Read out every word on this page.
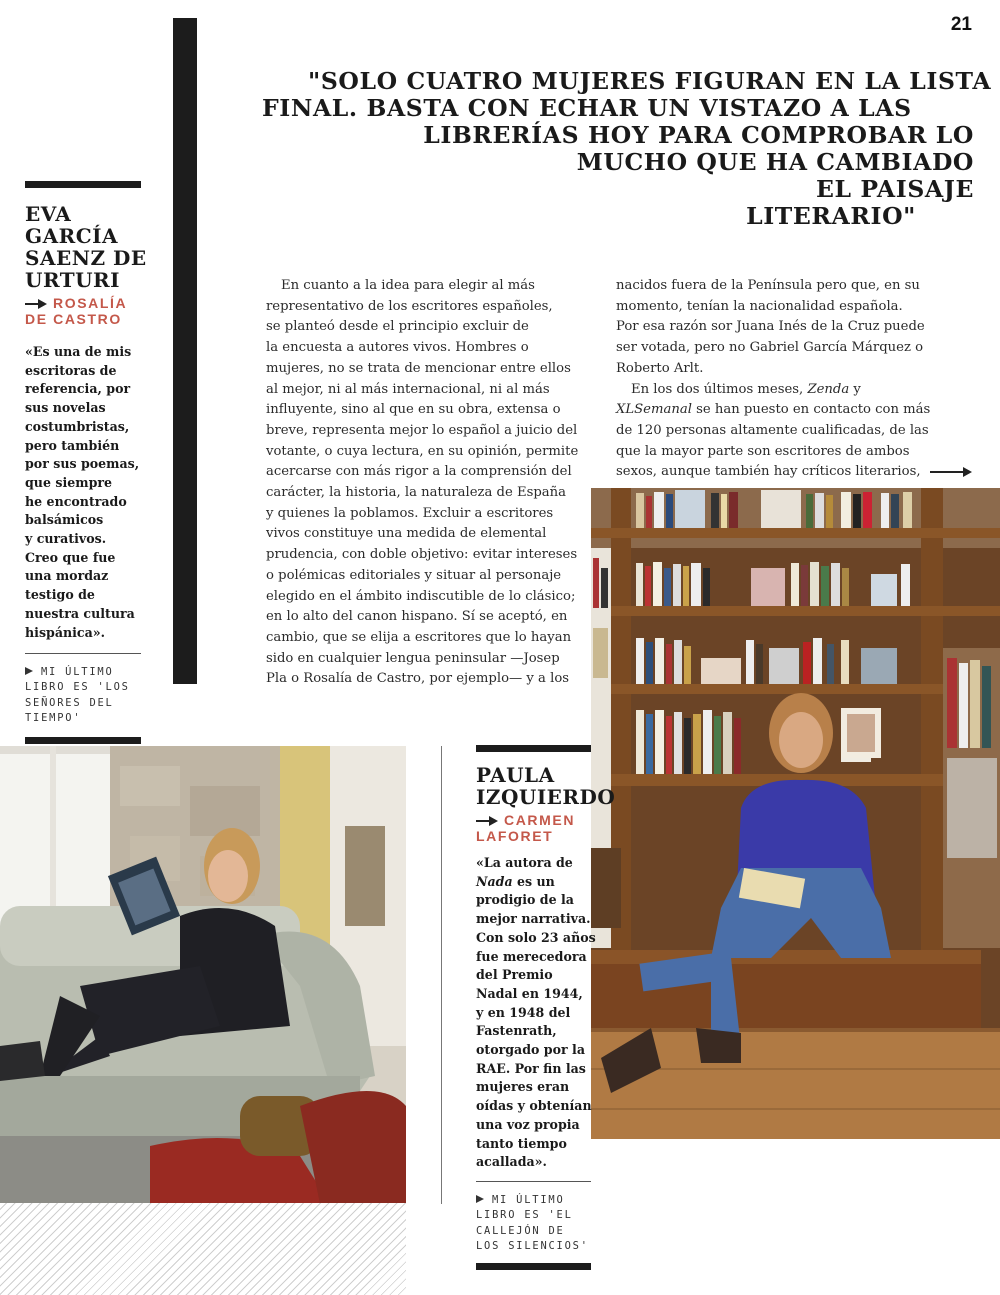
21
"SOLO CUATRO MUJERES FIGURAN EN LA LISTA
FINAL. BASTA CON ECHAR UN VISTAZO A LAS
LIBRERÍAS HOY PARA COMPROBAR LO
MUCHO QUE HA CAMBIADO
EL PAISAJE
LITERARIO"
EVA
GARCÍA
SAENZ DE
URTURI
ROSALÍA
DE CASTRO
«Es una de mis
escritoras de
referencia, por
sus novelas
costumbristas,
pero también
por sus poemas,
que siempre
he encontrado
balsámicos
y curativos.
Creo que fue
una mordaz
testigo de
nuestra cultura
hispánica».
MI ÚLTIMO
LIBRO ES 'LOS
SEÑORES DEL
TIEMPO'
En cuanto a la idea para elegir al más
representativo de los escritores españoles,
se planteó desde el principio excluir de
la encuesta a autores vivos. Hombres o
mujeres, no se trata de mencionar entre ellos
al mejor, ni al más internacional, ni al más
influyente, sino al que en su obra, extensa o
breve, representa mejor lo español a juicio del
votante, o cuya lectura, en su opinión, permite
acercarse con más rigor a la comprensión del
carácter, la historia, la naturaleza de España
y quienes la poblamos. Excluir a escritores
vivos constituye una medida de elemental
prudencia, con doble objetivo: evitar intereses
o polémicas editoriales y situar al personaje
elegido en el ámbito indiscutible de lo clásico;
en lo alto del canon hispano. Sí se aceptó, en
cambio, que se elija a escritores que lo hayan
sido en cualquier lengua peninsular —Josep
Pla o Rosalía de Castro, por ejemplo— y a los
nacidos fuera de la Península pero que, en su
momento, tenían la nacionalidad española.
Por esa razón sor Juana Inés de la Cruz puede
ser votada, pero no Gabriel García Márquez o
Roberto Arlt.
En los dos últimos meses, Zenda y
XLSemanal se han puesto en contacto con más
de 120 personas altamente cualificadas, de las
que la mayor parte son escritores de ambos
sexos, aunque también hay críticos literarios,
PAULA
IZQUIERDO
CARMEN
LAFORET
«La autora de
Nada es un
prodigio de la
mejor narrativa.
Con solo 23 años
fue merecedora
del Premio
Nadal en 1944,
y en 1948 del
Fastenrath,
otorgado por la
RAE. Por fin las
mujeres eran
oídas y obtenían
una voz propia
tanto tiempo
acallada».
MI ÚLTIMO
LIBRO ES 'EL
CALLEJÓN DE
LOS SILENCIOS'
